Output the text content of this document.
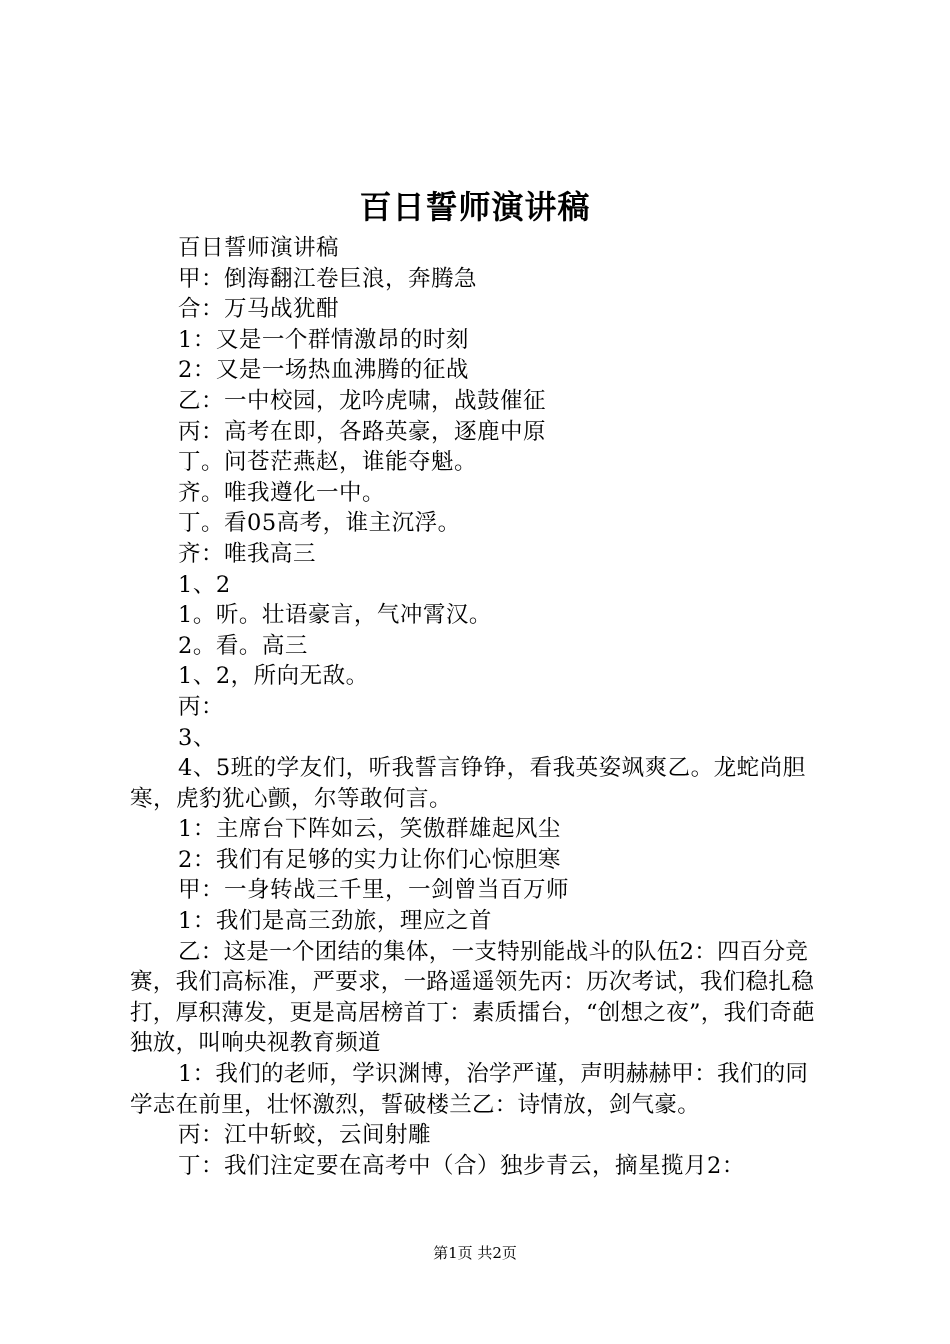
百日誓师演讲稿

百日誓师演讲稿

甲：倒海翻江卷巨浪，奔腾急

合：万马战犹酣

1：又是一个群情激昂的时刻

2：又是一场热血沸腾的征战

乙：一中校园，龙吟虎啸，战鼓催征

丙：高考在即，各路英豪，逐鹿中原

丁。问苍茫燕赵，谁能夺魁。

齐。唯我遵化一中。

丁。看05高考，谁主沉浮。

齐：唯我高三

1、2

1。听。壮语豪言，气冲霄汉。

2。看。高三

1、2，所向无敌。

丙：

3、

4、5班的学友们，听我誓言铮铮，看我英姿飒爽乙。龙蛇尚胆寒，虎豹犹心颤，尔等敢何言。

1：主席台下阵如云，笑傲群雄起风尘

2：我们有足够的实力让你们心惊胆寒

甲：一身转战三千里，一剑曾当百万师

1：我们是高三劲旅，理应之首

乙：这是一个团结的集体，一支特别能战斗的队伍2：四百分竞赛，我们高标准，严要求，一路遥遥领先丙：历次考试，我们稳扎稳打，厚积薄发，更是高居榜首丁：素质擂台，“创想之夜”，我们奇葩独放，叫响央视教育频道

1：我们的老师，学识渊博，治学严谨，声明赫赫甲：我们的同学志在前里，壮怀激烈，誓破楼兰乙：诗情放，剑气豪。

丙：江中斩蛟，云间射雕

丁：我们注定要在高考中（合）独步青云，摘星揽月2：

第1页 共2页
